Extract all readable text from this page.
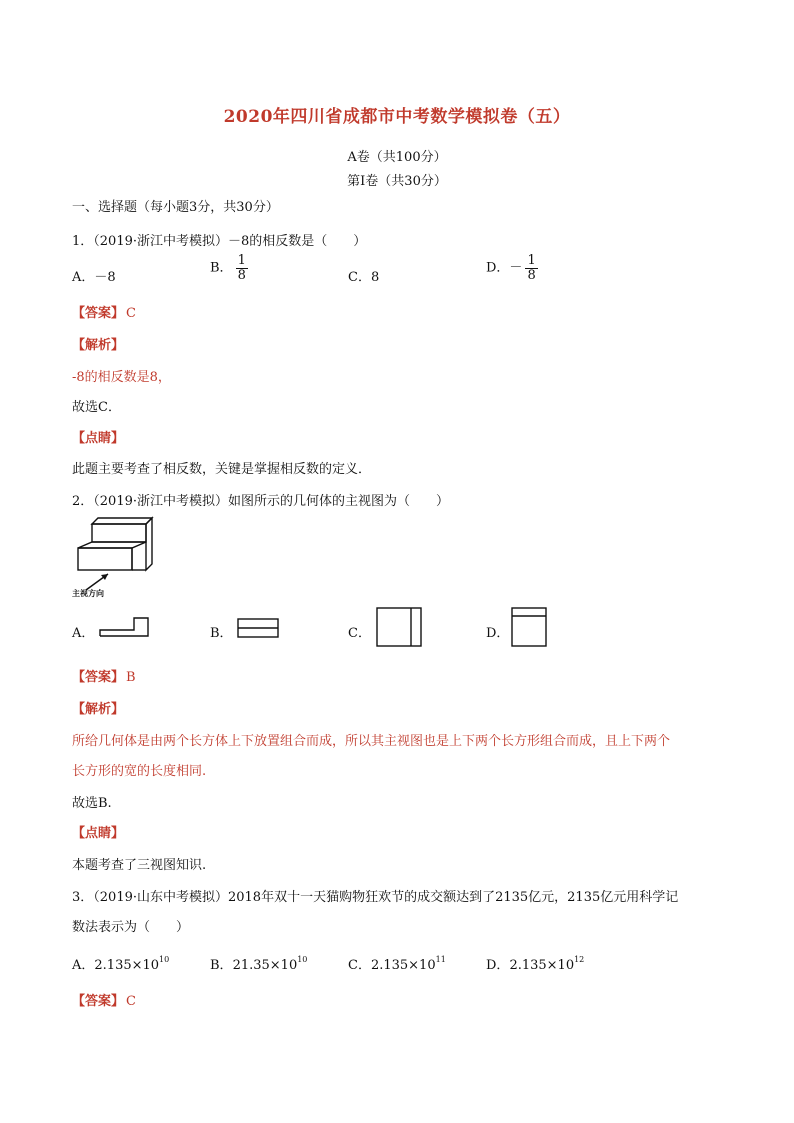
2020年四川省成都市中考数学模拟卷（五）
A卷（共100分）
第Ⅰ卷（共30分）
一、选择题（每小题3分，共30分）
1．（2019·浙江中考模拟）－8的相反数是（　　）
A．－8
B． $\frac{1}{8}$	C．8
D．－ $\frac{1}{8}$
【答案】 C
【解析】
-8的相反数是8，
故选C．
【点睛】
此题主要考查了相反数，关键是掌握相反数的定义．
2．（2019·浙江中考模拟）如图所示的几何体的主视图为（　　）
主视方向
A．	B．	C．	D．
【答案】 B
【解析】
所给几何体是由两个长方体上下放置组合而成，所以其主视图也是上下两个长方形组合而成，且上下两个
长方形的宽的长度相同.
故选B.
【点睛】
本题考查了三视图知识.
3．（2019·山东中考模拟）2018年双十一天猫购物狂欢节的成交额达到了2135亿元，2135亿元用科学记
数法表示为（　　）
A．$2.135\times 10^{10}$	B．$21.35\times 10^{10}$	C．$2.135\times 10^{11}$	D．$2.135\times 10^{12}$
【答案】 C
